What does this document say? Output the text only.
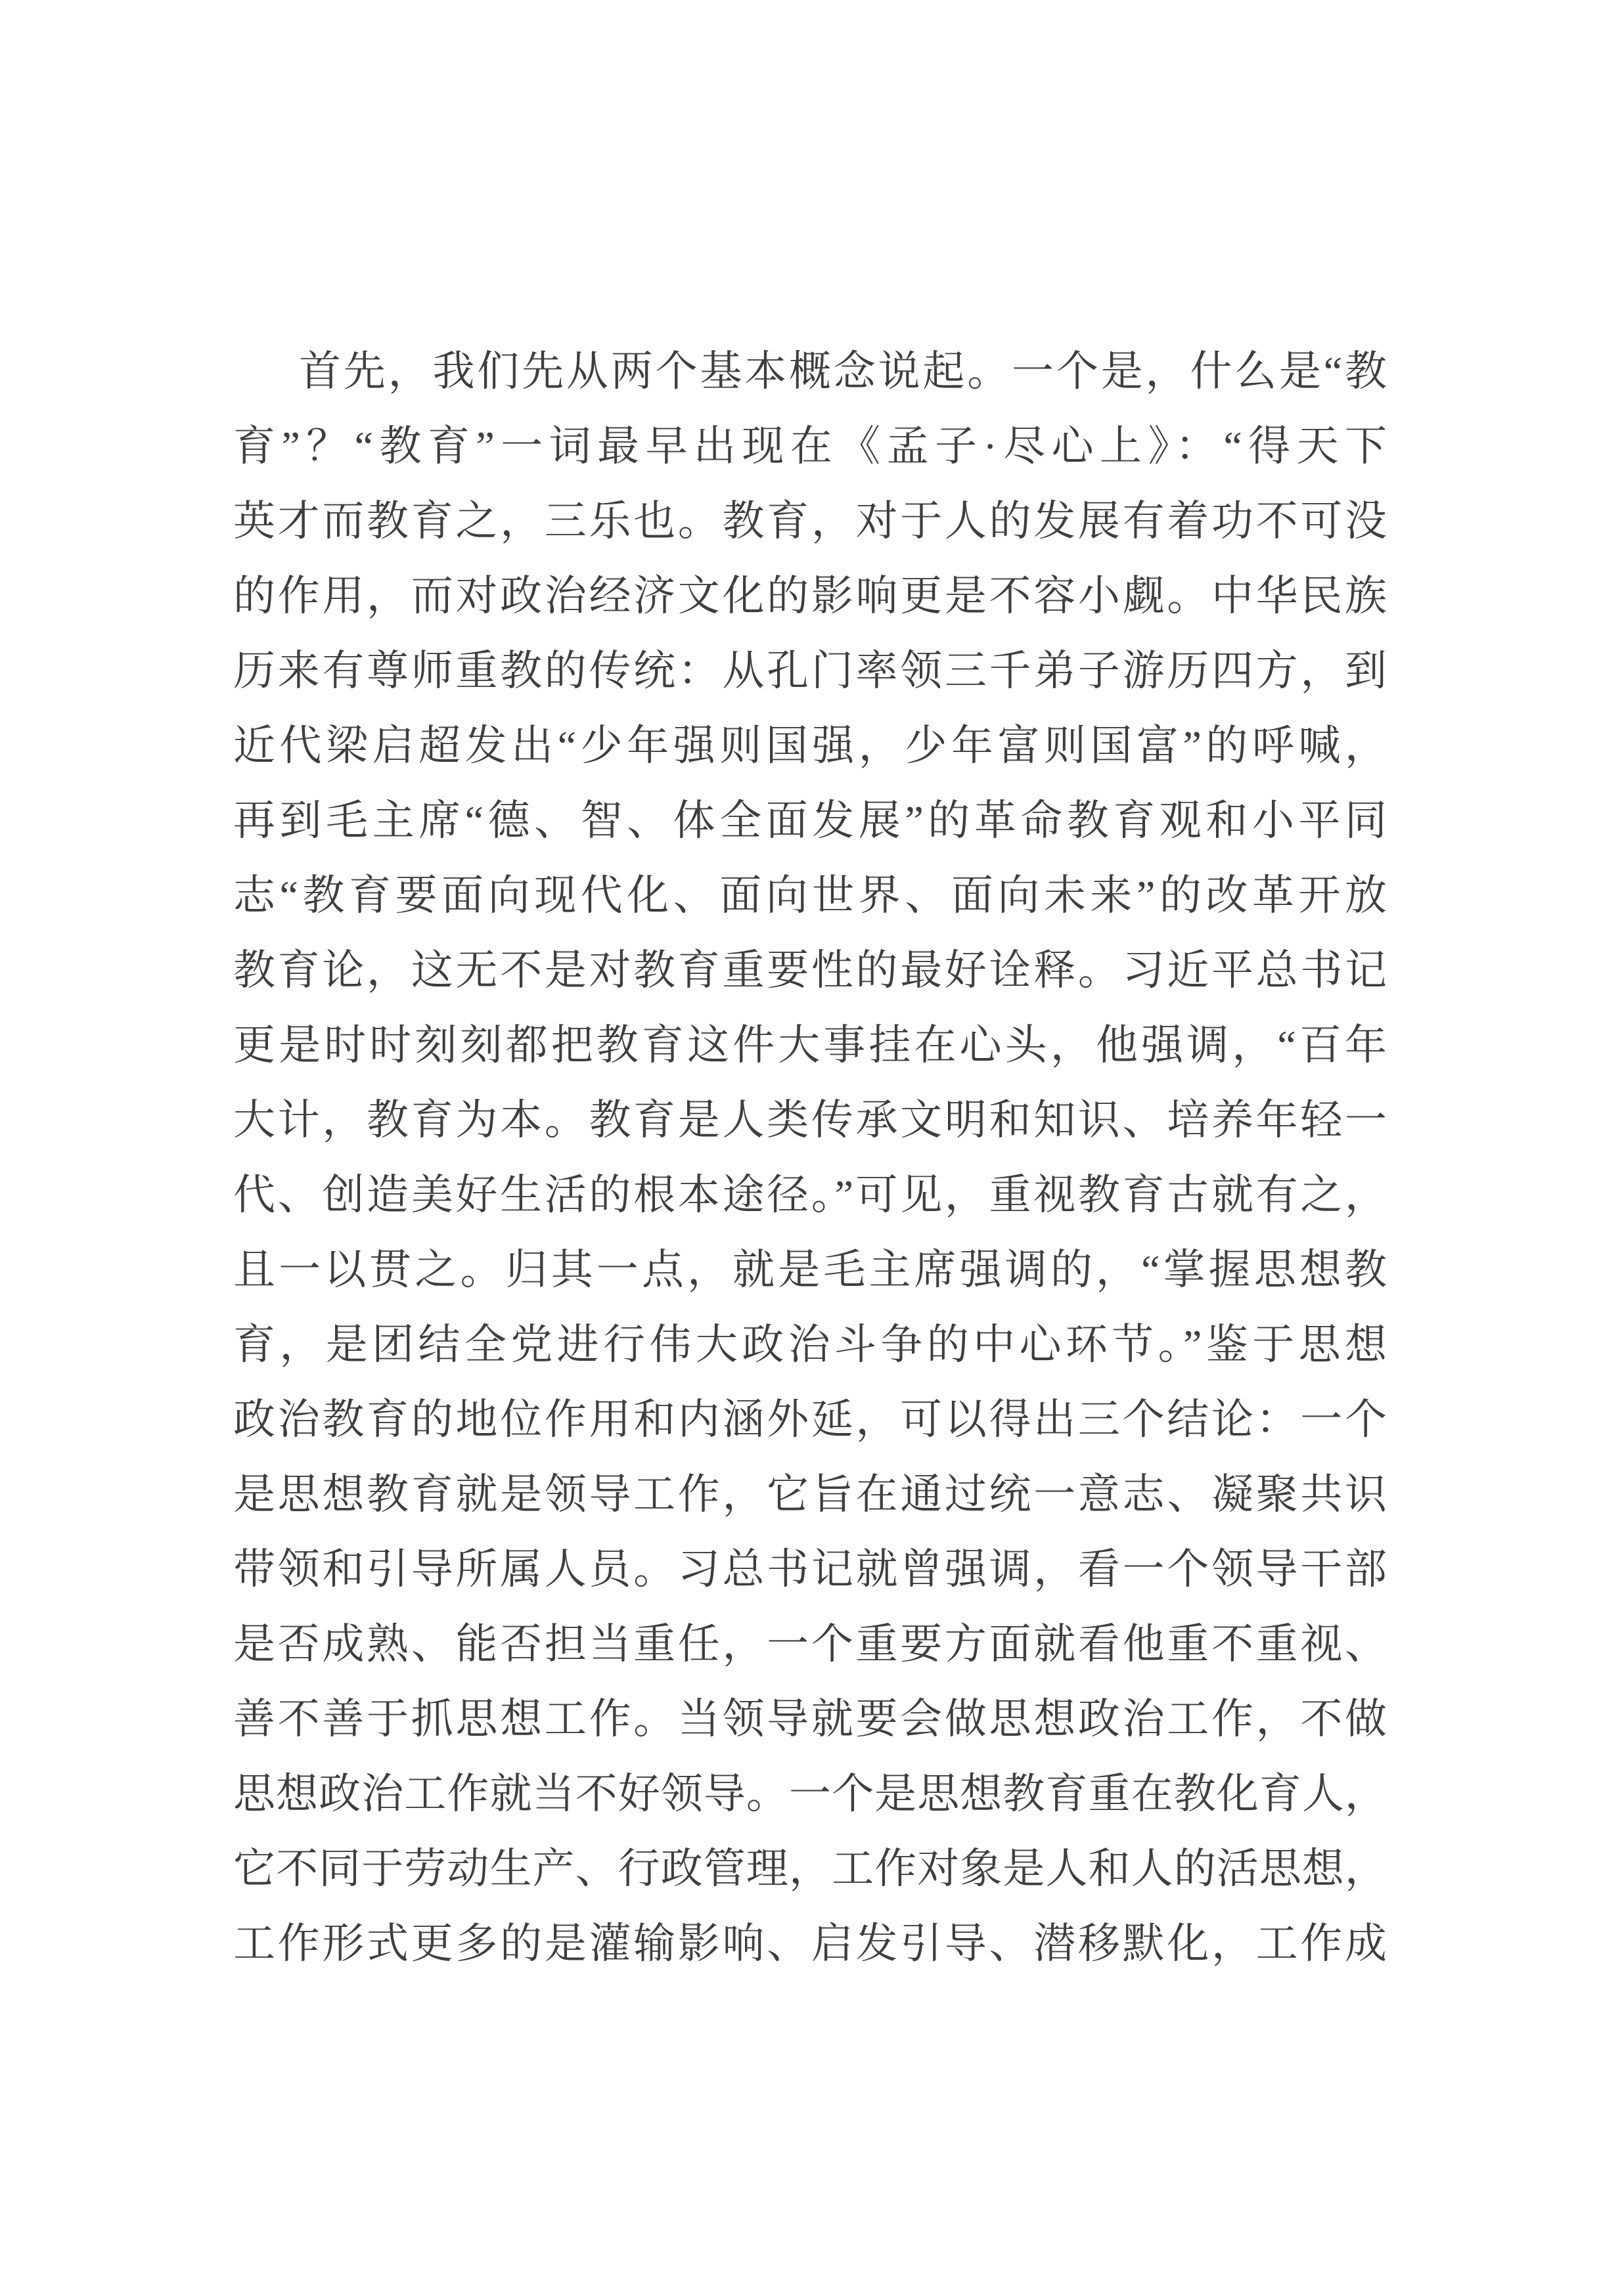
首先，我们先从两个基本概念说起。一个是，什么是“教
育”？“教育”一词最早出现在《孟子·尽心上》：“得天下
英才而教育之，三乐也。教育，对于人的发展有着功不可没
的作用，而对政治经济文化的影响更是不容小觑。中华民族
历来有尊师重教的传统：从孔门率领三千弟子游历四方，到
近代梁启超发出“少年强则国强，少年富则国富”的呼喊，
再到毛主席“德、智、体全面发展”的革命教育观和小平同
志“教育要面向现代化、面向世界、面向未来”的改革开放
教育论，这无不是对教育重要性的最好诠释。习近平总书记
更是时时刻刻都把教育这件大事挂在心头，他强调，“百年
大计，教育为本。教育是人类传承文明和知识、培养年轻一
代、创造美好生活的根本途径。”可见，重视教育古就有之，
且一以贯之。归其一点，就是毛主席强调的，“掌握思想教
育，是团结全党进行伟大政治斗争的中心环节。”鉴于思想
政治教育的地位作用和内涵外延，可以得出三个结论：一个
是思想教育就是领导工作，它旨在通过统一意志、凝聚共识
带领和引导所属人员。习总书记就曾强调，看一个领导干部
是否成熟、能否担当重任，一个重要方面就看他重不重视、
善不善于抓思想工作。当领导就要会做思想政治工作，不做
思想政治工作就当不好领导。一个是思想教育重在教化育人，
它不同于劳动生产、行政管理，工作对象是人和人的活思想，
工作形式更多的是灌输影响、启发引导、潜移默化，工作成
